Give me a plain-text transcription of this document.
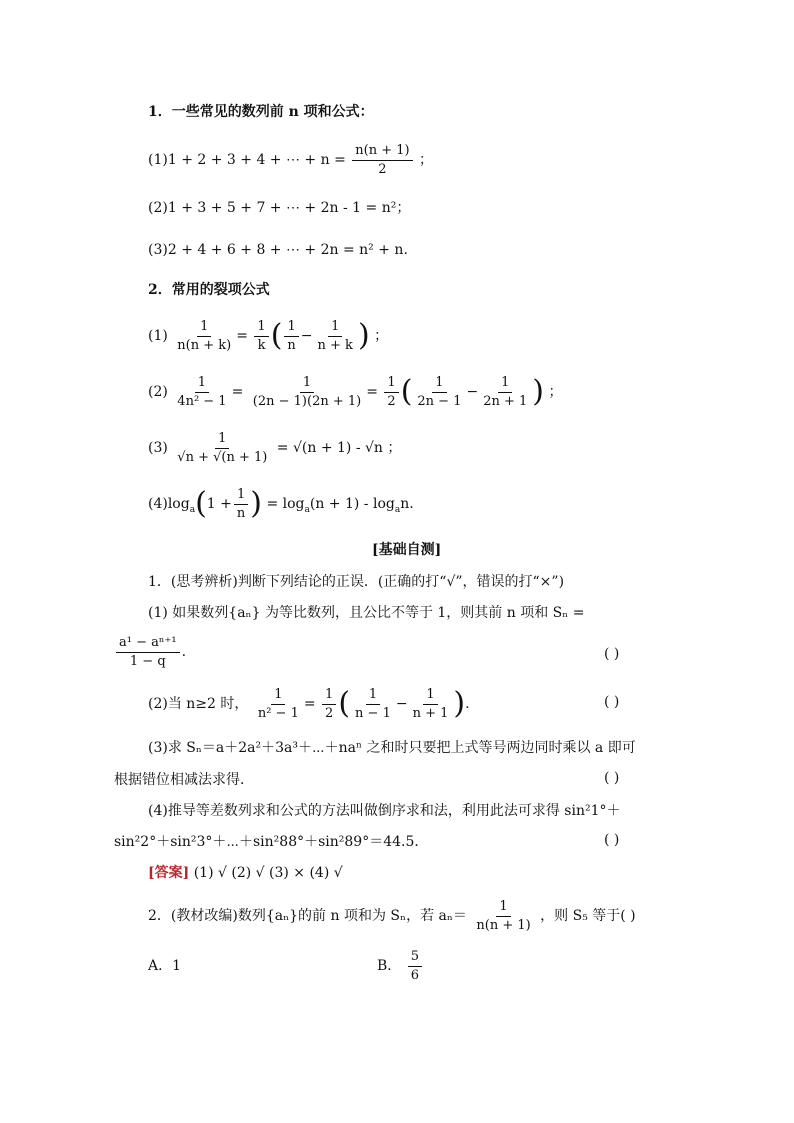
1．一些常见的数列前 n 项和公式：
(1)1 + 2 + 3 + 4 + ⋯ + $n = \frac{n(n + 1)}{2}$ ；
(2)1 + 3 + 5 + 7 + ⋯ + 2n - 1 = n²；
(3)2 + 4 + 6 + 8 + ⋯ + 2n = n² + n.
2．常用的裂项公式
$(1) \frac{1}{n(n + k)} = \frac{1}{k}$ ( $\frac{1}{n} - \frac{1}{n + k}$ ) ；
$(2) \frac{1}{\text{4n² − 1}} = \frac{1}{(2n - 1)(2n + 1)} = \frac{1}{2}$ ( $\frac{1}{2n - 1} - \frac{1}{2n + 1}$ ) ；
$(3) \frac{1}{√n + √(n + 1)} = √(n + 1) - √n$ ；
$(4)\log_a(1 + \frac{1}{n}$ ) = $\log_a(n + 1) - \log_an$.
[基础自测]
1．(思考辨析)判断下列结论的正误．(正确的打“√”，错误的打“×”)
(1) 如果数列{aₙ} 为等比数列，且公比不等于 1，则其前 n 项和 Sₙ =
$\frac{\text{a¹ − aⁿ⁺¹}}{1 - q}$ .	( )
(2)当 n≥2 时， $\frac{1}{\text{n² − 1}} = \frac{1}{2}$ ( $\frac{1}{n - 1} - \frac{1}{n + 1}$ ).	( )
(3)求 Sₙ＝a＋2a²＋3a³＋⋯＋naⁿ 之和时只要把上式等号两边同时乘以 a 即可
根据错位相减法求得．	( )
(4)推导等差数列求和公式的方法叫做倒序求和法，利用此法可求得 sin²1°＋
sin²2°＋sin²3°＋⋯＋sin²88°＋sin²89°＝44.5．	( )
[答案] (1) √ (2) √ (3) × (4) √
2．(教材改编)数列{aₙ}的前 n 项和为 Sₙ，若 $a_n= \frac{1}{n(n + 1)}$ ，则 S₅ 等于( )
A．1	B． $\frac{5}{6}$
